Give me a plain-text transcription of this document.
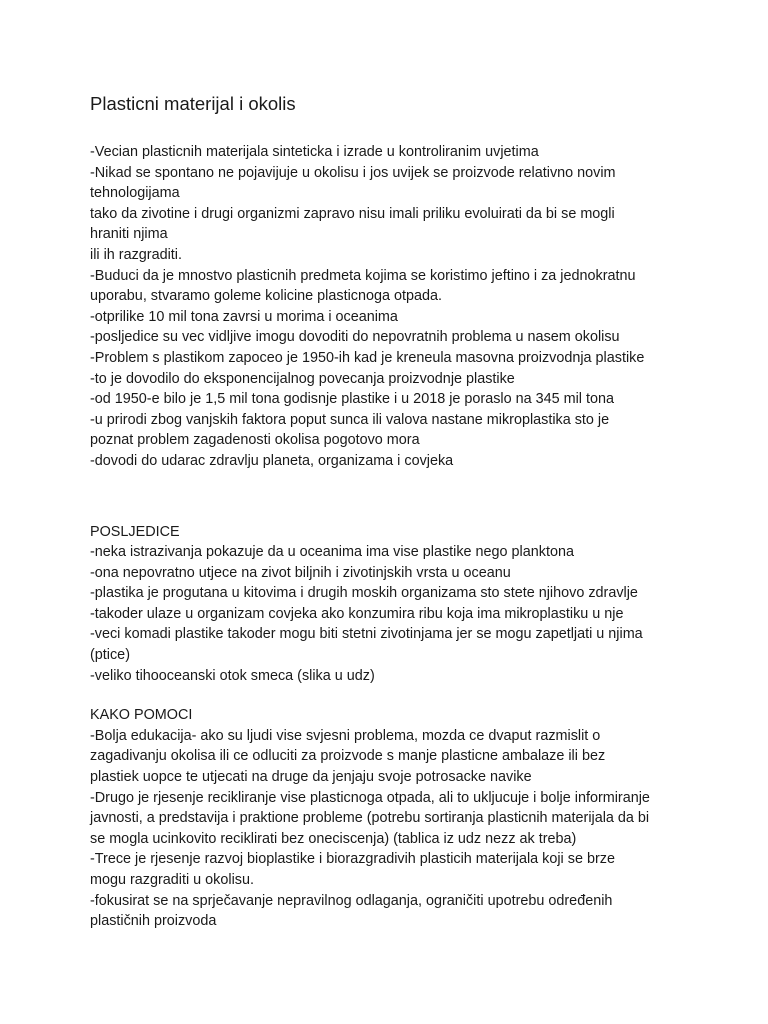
Plasticni materijal i okolis
-Vecian plasticnih materijala sinteticka i izrade u kontroliranim uvjetima
-Nikad se spontano ne pojavijuje u okolisu i jos uvijek se proizvode relativno novim
tehnologijama
tako da zivotine i drugi organizmi zapravo nisu imali priliku evoluirati da bi se mogli
hraniti njima
ili ih razgraditi.
-Buduci da je mnostvo plasticnih predmeta kojima se koristimo jeftino i za jednokratnu
uporabu, stvaramo goleme kolicine plasticnoga otpada.
-otprilike 10 mil tona zavrsi u morima i oceanima
-posljedice su vec vidljive imogu dovoditi do nepovratnih problema u nasem okolisu
-Problem s plastikom zapoceo je 1950-ih kad je kreneula masovna proizvodnja plastike
-to je dovodilo do eksponencijalnog povecanja proizvodnje plastike
-od 1950-e bilo je 1,5 mil tona godisnje plastike i u 2018 je poraslo na 345 mil tona
-u prirodi zbog vanjskih faktora poput sunca ili valova nastane mikroplastika sto je
poznat problem zagadenosti okolisa pogotovo mora
-dovodi do udarac zdravlju planeta, organizama i covjeka
POSLJEDICE
-neka istrazivanja pokazuje da u oceanima ima vise plastike nego planktona
-ona nepovratno utjece na zivot biljnih i zivotinjskih vrsta u oceanu
-plastika je progutana u kitovima i drugih moskih organizama sto stete njihovo zdravlje
-takoder ulaze u organizam covjeka ako konzumira ribu koja ima mikroplastiku u nje
-veci komadi plastike takoder mogu biti stetni zivotinjama jer se mogu zapetljati u njima
(ptice)
-veliko tihooceanski otok smeca (slika u udz)
KAKO POMOCI
-Bolja edukacija- ako su ljudi vise svjesni problema, mozda ce dvaput razmislit o
zagadivanju okolisa ili ce odluciti za proizvode s manje plasticne ambalaze ili bez
plastiek uopce te utjecati na druge da jenjaju svoje potrosacke navike
-Drugo je rjesenje recikliranje vise plasticnoga otpada, ali to ukljucuje i bolje informiranje
javnosti, a predstavija i praktione probleme (potrebu sortiranja plasticnih materijala da bi
se mogla ucinkovito reciklirati bez oneciscenja) (tablica iz udz nezz ak treba)
-Trece je rjesenje razvoj bioplastike i biorazgradivih plasticih materijala koji se brze
mogu razgraditi u okolisu.
-fokusirat se na sprječavanje nepravilnog odlaganja, ograničiti upotrebu određenih
plastičnih proizvoda
